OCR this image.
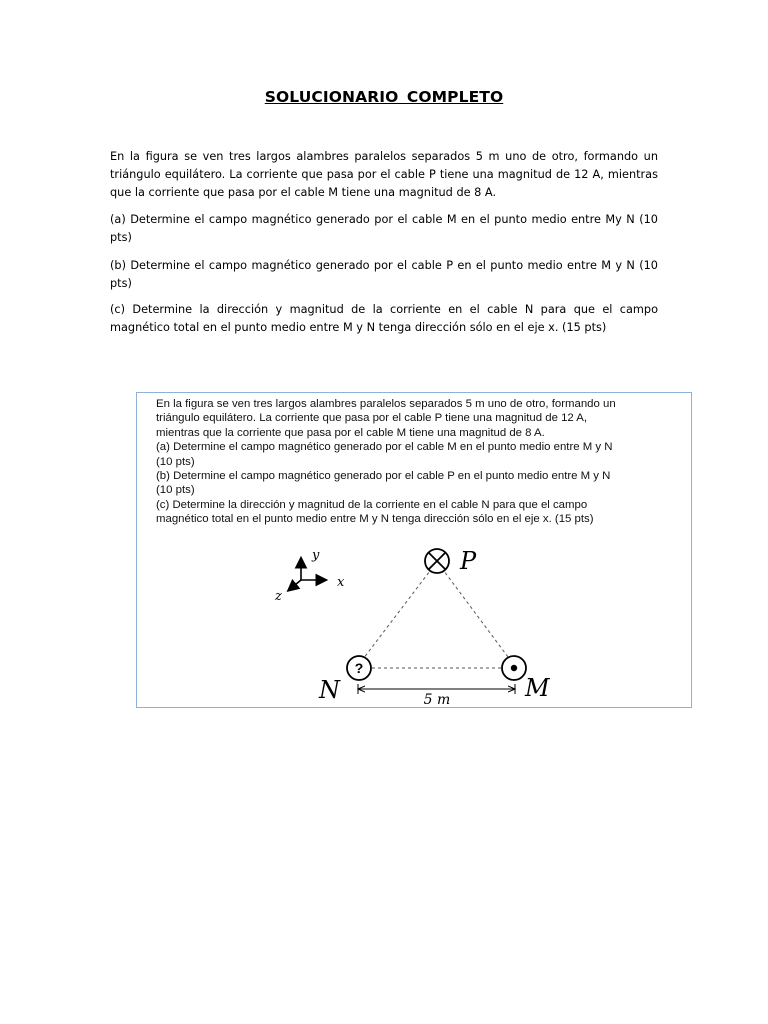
SOLUCIONARIO COMPLETO

En la figura se ven tres largos alambres paralelos separados 5 m uno de otro, formando un triángulo equilátero. La corriente que pasa por el cable P tiene una magnitud de 12 A, mientras que la corriente que pasa por el cable M tiene una magnitud de 8 A.

(a) Determine el campo magnético generado por el cable M en el punto medio entre My N (10 pts)

(b) Determine el campo magnético generado por el cable P en el punto medio entre M y N (10 pts)

(c) Determine la dirección y magnitud de la corriente en el cable N para que el campo magnético total en el punto medio entre M y N tenga dirección sólo en el eje x. (15 pts)

En la figura se ven tres largos alambres paralelos separados 5 m uno de otro, formando un
triángulo equilátero. La corriente que pasa por el cable P tiene una magnitud de 12 A,
mientras que la corriente que pasa por el cable M tiene una magnitud de 8 A.
(a) Determine el campo magnético generado por el cable M en el punto medio entre M y N
(10 pts)
(b) Determine el campo magnético generado por el cable P en el punto medio entre M y N
(10 pts)
(c) Determine la dirección y magnitud de la corriente en el cable N para que el campo
magnético total en el punto medio entre M y N tenga dirección sólo en el eje x. (15 pts)
y
x
z
P
?
N	M
5 m
